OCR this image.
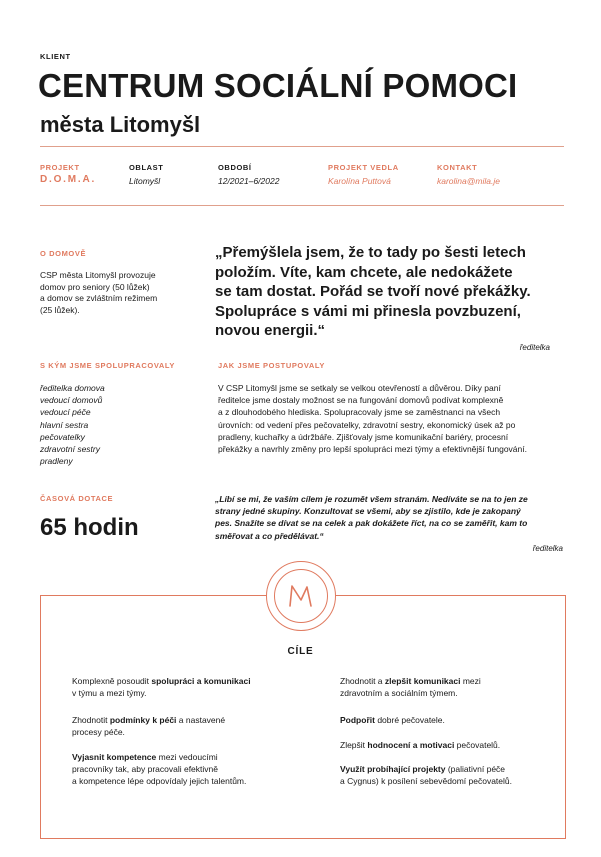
KLIENT
CENTRUM SOCIÁLNÍ POMOCI
města Litomyšl
PROJEKT
D.O.M.A.
OBLAST
Litomyšl
OBDOBÍ
12/2021–6/2022
PROJEKT VEDLA
Karolína Puttová
KONTAKT
karolina@mila.je
O DOMOVĚ
CSP města Litomyšl provozuje
domov pro seniory (50 lůžek)
a domov se zvláštním režimem
(25 lůžek).
„Přemýšlela jsem, že to tady po šesti letech
položím. Víte, kam chcete, ale nedokážete
se tam dostat. Pořád se tvoří nové překážky.
Spolupráce s vámi mi přinesla povzbuzení,
novou energii.“
ředitelka
S KÝM JSME SPOLUPRACOVALY
ředitelka domova
vedoucí domovů
vedoucí péče
hlavní sestra
pečovatelky
zdravotní sestry
pradleny
JAK JSME POSTUPOVALY
V CSP Litomyšl jsme se setkaly se velkou otevřeností a důvěrou. Díky paní
ředitelce jsme dostaly možnost se na fungování domovů podívat komplexně
a z dlouhodobého hlediska. Spolupracovaly jsme se zaměstnanci na všech
úrovních: od vedení přes pečovatelky, zdravotní sestry, ekonomický úsek až po
pradleny, kuchařky a údržbáře. Zjišťovaly jsme komunikační bariéry, procesní
překážky a navrhly změny pro lepší spolupráci mezi týmy a efektivnější fungování.
ČASOVÁ DOTACE
65 hodin
„Líbí se mi, že vaším cílem je rozumět všem stranám. Nedíváte se na to jen ze
strany jedné skupiny. Konzultovat se všemi, aby se zjistilo, kde je zakopaný
pes. Snažíte se dívat se na celek a pak dokážete říct, na co se zaměřit, kam to
směřovat a co předělávat.“
ředitelka
CÍLE
Komplexně posoudit spolupráci a komunikaci
v týmu a mezi týmy.
Zhodnotit podmínky k péči a nastavené
procesy péče.
Vyjasnit kompetence mezi vedoucími
pracovníky tak, aby pracovali efektivně
a kompetence lépe odpovídaly jejich talentům.
Zhodnotit a zlepšit komunikaci mezi
zdravotním a sociálním týmem.
Podpořit dobré pečovatele.
Zlepšit hodnocení a motivaci pečovatelů.
Využít probíhající projekty (paliativní péče
a Cygnus) k posílení sebevědomí pečovatelů.
